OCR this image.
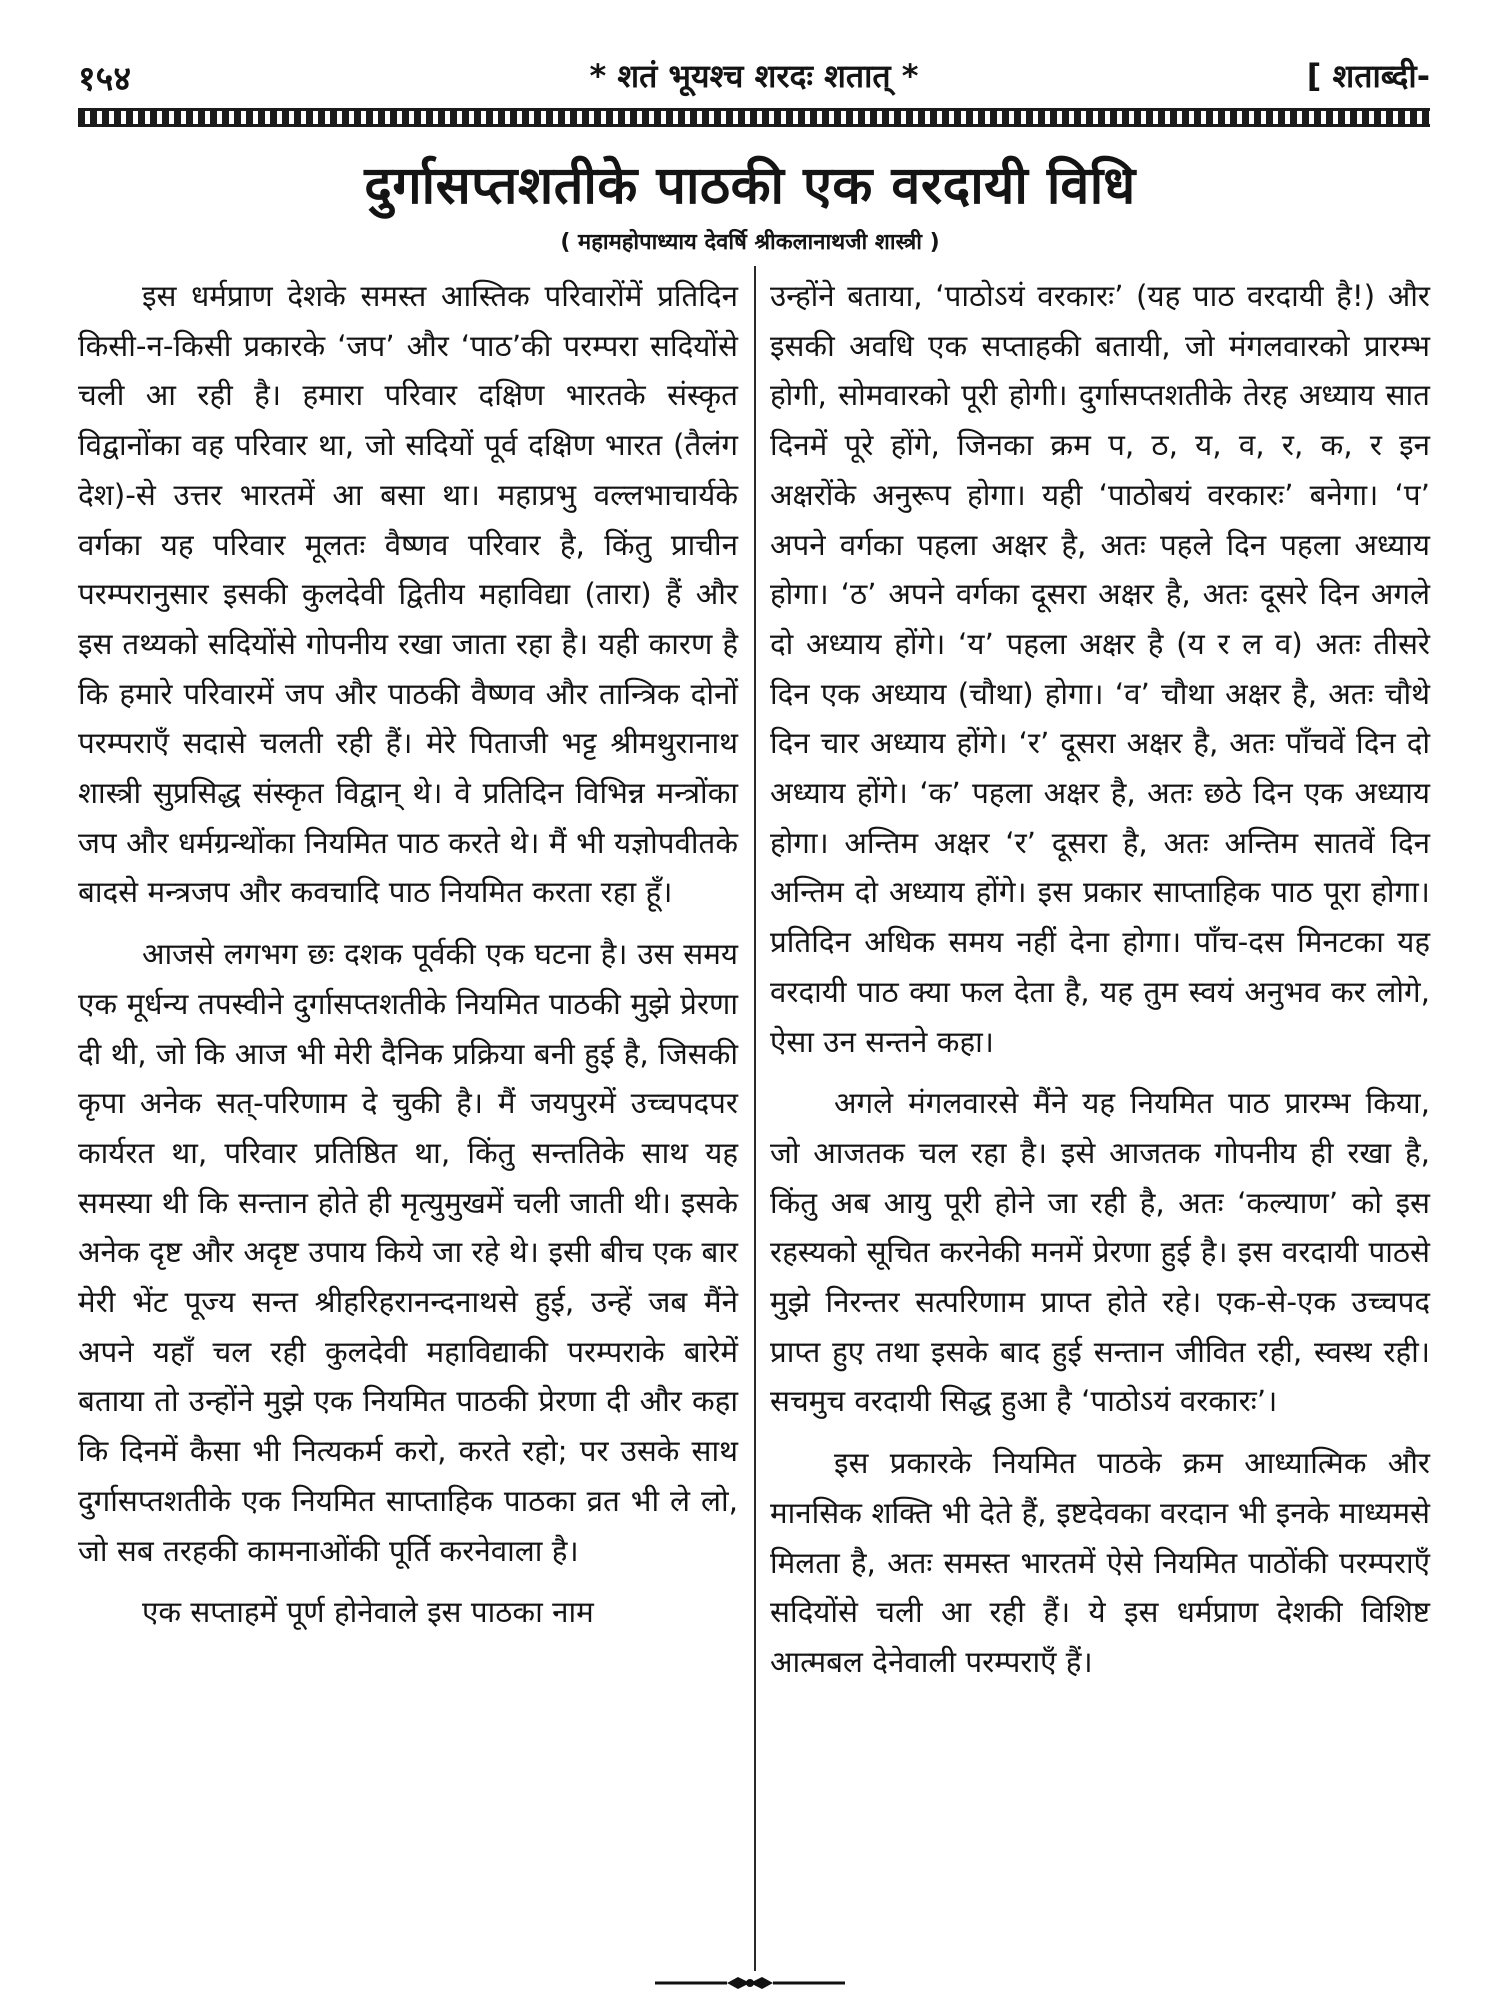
१५४	* शतं भूयश्च शरदः शतात् *	[ शताब्दी-
दुर्गासप्तशतीके पाठकी एक वरदायी विधि
( महामहोपाध्याय देवर्षि श्रीकलानाथजी शास्त्री )

इस धर्मप्राण देशके समस्त आस्तिक परिवारोंमें प्रतिदिन किसी-न-किसी प्रकारके ‘जप’ और ‘पाठ’की परम्परा सदियोंसे चली आ रही है। हमारा परिवार दक्षिण भारतके संस्कृत विद्वानोंका वह परिवार था, जो सदियों पूर्व दक्षिण भारत (तैलंग देश)-से उत्तर भारतमें आ बसा था। महाप्रभु वल्लभाचार्यके वर्गका यह परिवार मूलतः वैष्णव परिवार है, किंतु प्राचीन परम्परानुसार इसकी कुलदेवी द्वितीय महाविद्या (तारा) हैं और इस तथ्यको सदियोंसे गोपनीय रखा जाता रहा है। यही कारण है कि हमारे परिवारमें जप और पाठकी वैष्णव और तान्त्रिक दोनों परम्पराएँ सदासे चलती रही हैं। मेरे पिताजी भट्ट श्रीमथुरानाथ शास्त्री सुप्रसिद्ध संस्कृत विद्वान् थे। वे प्रतिदिन विभिन्न मन्त्रोंका जप और धर्मग्रन्थोंका नियमित पाठ करते थे। मैं भी यज्ञोपवीतके बादसे मन्त्रजप और कवचादि पाठ नियमित करता रहा हूँ।

आजसे लगभग छः दशक पूर्वकी एक घटना है। उस समय एक मूर्धन्य तपस्वीने दुर्गासप्तशतीके नियमित पाठकी मुझे प्रेरणा दी थी, जो कि आज भी मेरी दैनिक प्रक्रिया बनी हुई है, जिसकी कृपा अनेक सत्-परिणाम दे चुकी है। मैं जयपुरमें उच्चपदपर कार्यरत था, परिवार प्रतिष्ठित था, किंतु सन्ततिके साथ यह समस्या थी कि सन्तान होते ही मृत्युमुखमें चली जाती थी। इसके अनेक दृष्ट और अदृष्ट उपाय किये जा रहे थे। इसी बीच एक बार मेरी भेंट पूज्य सन्त श्रीहरिहरानन्दनाथसे हुई, उन्हें जब मैंने अपने यहाँ चल रही कुलदेवी महाविद्याकी परम्पराके बारेमें बताया तो उन्होंने मुझे एक नियमित पाठकी प्रेरणा दी और कहा कि दिनमें कैसा भी नित्यकर्म करो, करते रहो; पर उसके साथ दुर्गासप्तशतीके एक नियमित साप्ताहिक पाठका व्रत भी ले लो, जो सब तरहकी कामनाओंकी पूर्ति करनेवाला है।

एक सप्ताहमें पूर्ण होनेवाले इस पाठका नाम

उन्होंने बताया, ‘पाठोऽयं वरकारः’ (यह पाठ वरदायी है!) और इसकी अवधि एक सप्ताहकी बतायी, जो मंगलवारको प्रारम्भ होगी, सोमवारको पूरी होगी। दुर्गासप्तशतीके तेरह अध्याय सात दिनमें पूरे होंगे, जिनका क्रम प, ठ, य, व, र, क, र इन अक्षरोंके अनुरूप होगा। यही ‘पाठोबयं वरकारः’ बनेगा। ‘प’ अपने वर्गका पहला अक्षर है, अतः पहले दिन पहला अध्याय होगा। ‘ठ’ अपने वर्गका दूसरा अक्षर है, अतः दूसरे दिन अगले दो अध्याय होंगे। ‘य’ पहला अक्षर है (य र ल व) अतः तीसरे दिन एक अध्याय (चौथा) होगा। ‘व’ चौथा अक्षर है, अतः चौथे दिन चार अध्याय होंगे। ‘र’ दूसरा अक्षर है, अतः पाँचवें दिन दो अध्याय होंगे। ‘क’ पहला अक्षर है, अतः छठे दिन एक अध्याय होगा। अन्तिम अक्षर ‘र’ दूसरा है, अतः अन्तिम सातवें दिन अन्तिम दो अध्याय होंगे। इस प्रकार साप्ताहिक पाठ पूरा होगा। प्रतिदिन अधिक समय नहीं देना होगा। पाँच-दस मिनटका यह वरदायी पाठ क्या फल देता है, यह तुम स्वयं अनुभव कर लोगे, ऐसा उन सन्तने कहा।

अगले मंगलवारसे मैंने यह नियमित पाठ प्रारम्भ किया, जो आजतक चल रहा है। इसे आजतक गोपनीय ही रखा है, किंतु अब आयु पूरी होने जा रही है, अतः ‘कल्याण’ को इस रहस्यको सूचित करनेकी मनमें प्रेरणा हुई है। इस वरदायी पाठसे मुझे निरन्तर सत्परिणाम प्राप्त होते रहे। एक-से-एक उच्चपद प्राप्त हुए तथा इसके बाद हुई सन्तान जीवित रही, स्वस्थ रही। सचमुच वरदायी सिद्ध हुआ है ‘पाठोऽयं वरकारः’।

इस प्रकारके नियमित पाठके क्रम आध्यात्मिक और मानसिक शक्ति भी देते हैं, इष्टदेवका वरदान भी इनके माध्यमसे मिलता है, अतः समस्त भारतमें ऐसे नियमित पाठोंकी परम्पराएँ सदियोंसे चली आ रही हैं। ये इस धर्मप्राण देशकी विशिष्ट आत्मबल देनेवाली परम्पराएँ हैं।
